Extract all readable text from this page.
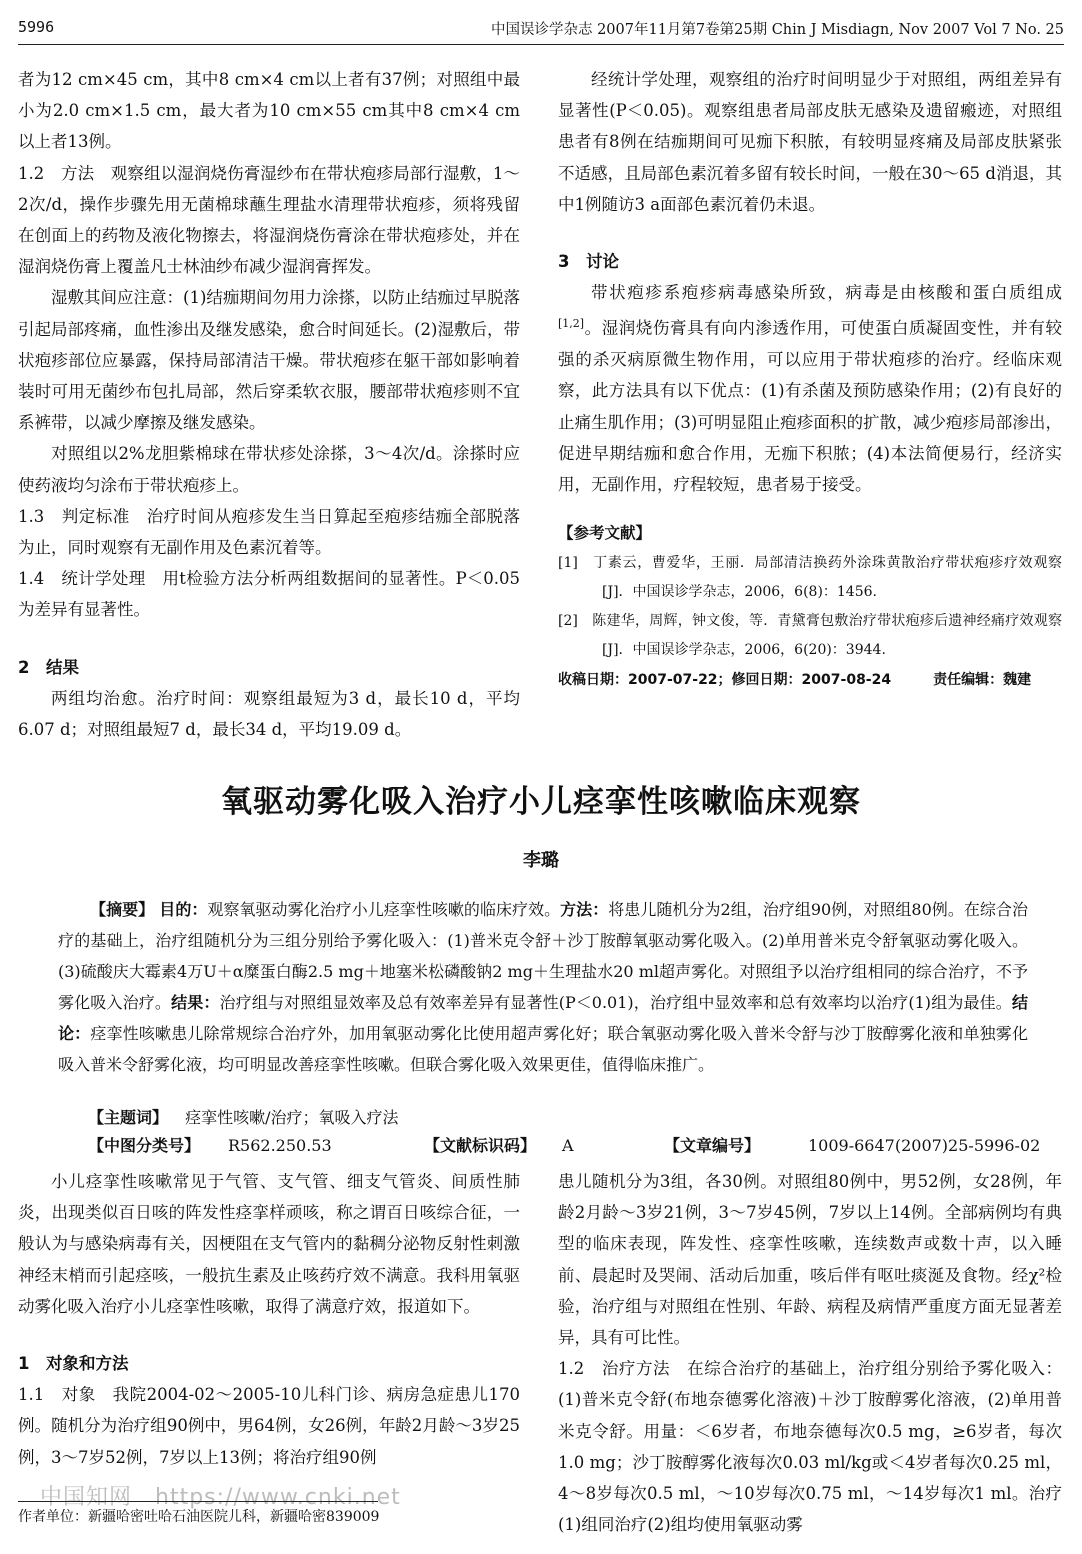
5996	中国误诊学杂志 2007年11月第7卷第25期 Chin J Misdiagn, Nov 2007 Vol 7 No. 25

者为12 cm×45 cm，其中8 cm×4 cm以上者有37例；对照组中最小为2.0 cm×1.5 cm，最大者为10 cm×55 cm其中8 cm×4 cm以上者13例。

1.2　方法　观察组以湿润烧伤膏湿纱布在带状疱疹局部行湿敷，1～2次/d，操作步骤先用无菌棉球蘸生理盐水清理带状疱疹，须将残留在创面上的药物及液化物擦去，将湿润烧伤膏涂在带状疱疹处，并在湿润烧伤膏上覆盖凡士林油纱布减少湿润膏挥发。

湿敷其间应注意：(1)结痂期间勿用力涂搽，以防止结痂过早脱落引起局部疼痛，血性渗出及继发感染，愈合时间延长。(2)湿敷后，带状疱疹部位应暴露，保持局部清洁干燥。带状疱疹在躯干部如影响着装时可用无菌纱布包扎局部，然后穿柔软衣服，腰部带状疱疹则不宜系裤带，以减少摩擦及继发感染。

对照组以2%龙胆紫棉球在带状疹处涂搽，3～4次/d。涂搽时应使药液均匀涂布于带状疱疹上。

1.3　判定标准　治疗时间从疱疹发生当日算起至疱疹结痂全部脱落为止，同时观察有无副作用及色素沉着等。

1.4　统计学处理　用t检验方法分析两组数据间的显著性。P＜0.05为差异有显著性。

2　结果

两组均治愈。治疗时间：观察组最短为3 d，最长10 d，平均6.07 d；对照组最短7 d，最长34 d，平均19.09 d。

经统计学处理，观察组的治疗时间明显少于对照组，两组差异有显著性(P＜0.05)。观察组患者局部皮肤无感染及遗留瘢迹，对照组患者有8例在结痂期间可见痂下积脓，有较明显疼痛及局部皮肤紧张不适感，且局部色素沉着多留有较长时间，一般在30～65 d消退，其中1例随访3 a面部色素沉着仍未退。

3　讨论

带状疱疹系疱疹病毒感染所致，病毒是由核酸和蛋白质组成[1,2]。湿润烧伤膏具有向内渗透作用，可使蛋白质凝固变性，并有较强的杀灭病原微生物作用，可以应用于带状疱疹的治疗。经临床观察，此方法具有以下优点：(1)有杀菌及预防感染作用；(2)有良好的止痛生肌作用；(3)可明显阻止疱疹面积的扩散，减少疱疹局部渗出，促进早期结痂和愈合作用，无痂下积脓；(4)本法简便易行，经济实用，无副作用，疗程较短，患者易于接受。

【参考文献】

[1]　丁素云，曹爱华，王丽．局部清洁换药外涂珠黄散治疗带状疱疹疗效观察[J]．中国误诊学杂志，2006，6(8)：1456.

[2]　陈建华，周辉，钟文俊，等．青黛膏包敷治疗带状疱疹后遗神经痛疗效观察[J]．中国误诊学杂志，2006，6(20)：3944.

收稿日期：2007-07-22；修回日期：2007-08-24　　　责任编辑：魏建

氧驱动雾化吸入治疗小儿痉挛性咳嗽临床观察
李璐
【摘要】 目的：观察氧驱动雾化治疗小儿痉挛性咳嗽的临床疗效。方法：将患儿随机分为2组，治疗组90例，对照组80例。在综合治疗的基础上，治疗组随机分为三组分别给予雾化吸入：(1)普米克令舒＋沙丁胺醇氧驱动雾化吸入。(2)单用普米克令舒氧驱动雾化吸入。(3)硫酸庆大霉素4万U＋α糜蛋白酶2.5 mg＋地塞米松磷酸钠2 mg＋生理盐水20 ml超声雾化。对照组予以治疗组相同的综合治疗，不予雾化吸入治疗。结果：治疗组与对照组显效率及总有效率差异有显著性(P＜0.01)，治疗组中显效率和总有效率均以治疗(1)组为最佳。结论：痉挛性咳嗽患儿除常规综合治疗外，加用氧驱动雾化比使用超声雾化好；联合氧驱动雾化吸入普米令舒与沙丁胺醇雾化液和单独雾化吸入普米令舒雾化液，均可明显改善痉挛性咳嗽。但联合雾化吸入效果更佳，值得临床推广。
【主题词】 痉挛性咳嗽/治疗；氧吸入疗法
【中图分类号】 R562.250.53	【文献标识码】 A	【文章编号】	1009-6647(2007)25-5996-02

小儿痉挛性咳嗽常见于气管、支气管、细支气管炎、间质性肺炎，出现类似百日咳的阵发性痉挛样顽咳，称之谓百日咳综合征，一般认为与感染病毒有关，因梗阻在支气管内的黏稠分泌物反射性刺激神经末梢而引起痉咳，一般抗生素及止咳药疗效不满意。我科用氧驱动雾化吸入治疗小儿痉挛性咳嗽，取得了满意疗效，报道如下。

1　对象和方法

1.1　对象　我院2004-02～2005-10儿科门诊、病房急症患儿170例。随机分为治疗组90例中，男64例，女26例，年龄2月龄～3岁25例，3～7岁52例，7岁以上13例；将治疗组90例

患儿随机分为3组，各30例。对照组80例中，男52例，女28例，年龄2月龄～3岁21例，3～7岁45例，7岁以上14例。全部病例均有典型的临床表现，阵发性、痉挛性咳嗽，连续数声或数十声，以入睡前、晨起时及哭闹、活动后加重，咳后伴有呕吐痰涎及食物。经χ²检验，治疗组与对照组在性别、年龄、病程及病情严重度方面无显著差异，具有可比性。

1.2　治疗方法　在综合治疗的基础上，治疗组分别给予雾化吸入：(1)普米克令舒(布地奈德雾化溶液)＋沙丁胺醇雾化溶液，(2)单用普米克令舒。用量：＜6岁者，布地奈德每次0.5 mg，≥6岁者，每次1.0 mg；沙丁胺醇雾化液每次0.03 ml/kg或＜4岁者每次0.25 ml，4～8岁每次0.5 ml，～10岁每次0.75 ml，～14岁每次1 ml。治疗(1)组同治疗(2)组均使用氧驱动雾

中国知网　https://www.cnki.net
作者单位：新疆哈密吐哈石油医院儿科，新疆哈密839009
